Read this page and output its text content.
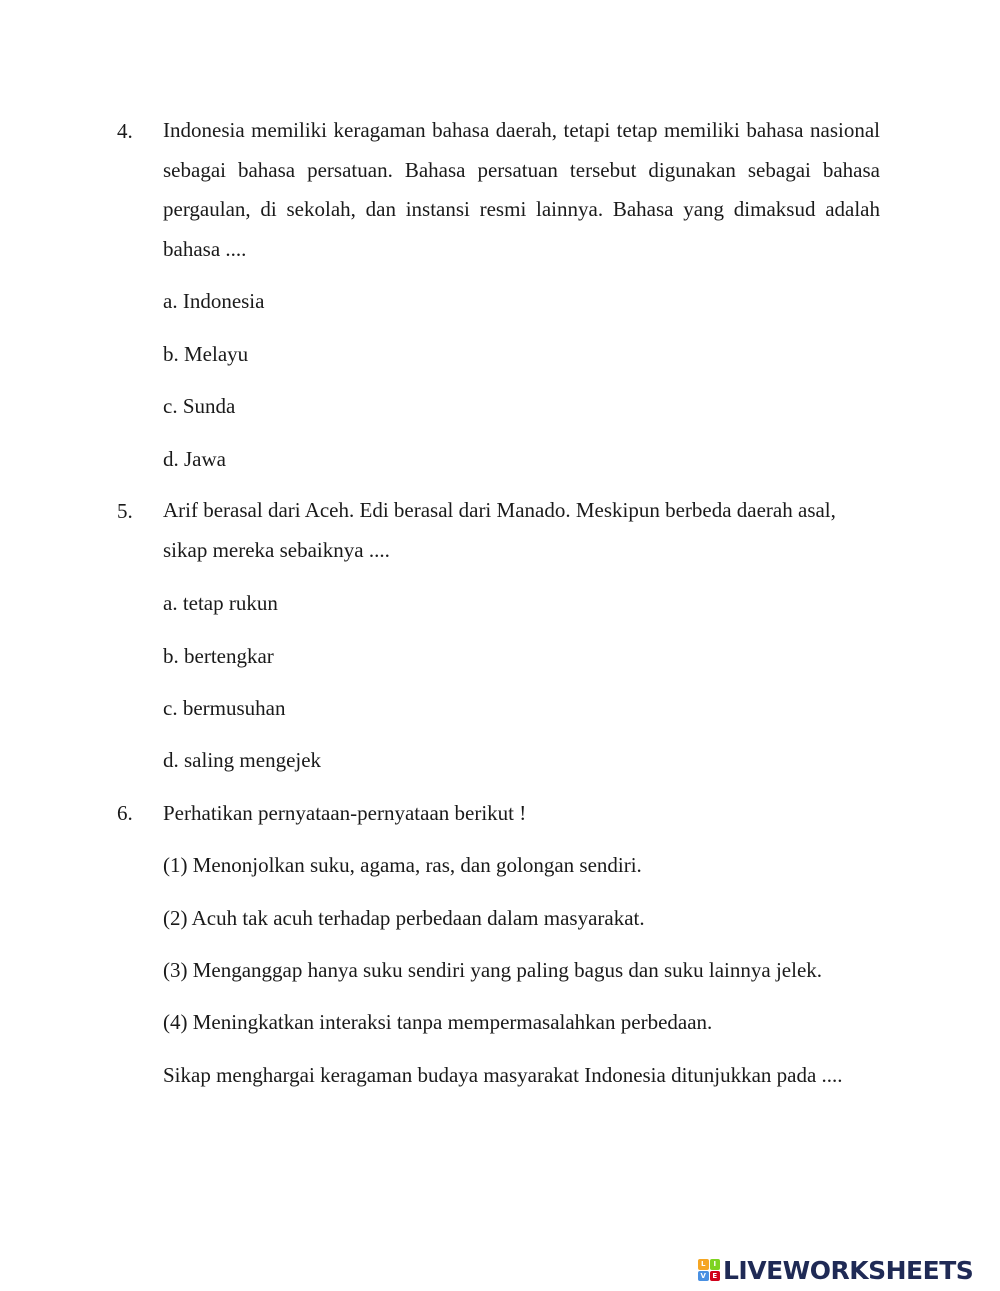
4. Indonesia memiliki keragaman bahasa daerah, tetapi tetap memiliki bahasa nasional sebagai bahasa persatuan. Bahasa persatuan tersebut digunakan sebagai bahasa pergaulan, di sekolah, dan instansi resmi lainnya. Bahasa yang dimaksud adalah bahasa ....
a. Indonesia
b. Melayu
c. Sunda
d. Jawa
5. Arif berasal dari Aceh. Edi berasal dari Manado. Meskipun berbeda daerah asal, sikap mereka sebaiknya ....
a. tetap rukun
b. bertengkar
c. bermusuhan
d. saling mengejek
6. Perhatikan pernyataan-pernyataan berikut !
(1) Menonjolkan suku, agama, ras, dan golongan sendiri.
(2) Acuh tak acuh terhadap perbedaan dalam masyarakat.
(3) Menganggap hanya suku sendiri yang paling bagus dan suku lainnya jelek.
(4) Meningkatkan interaksi tanpa mempermasalahkan perbedaan.
Sikap menghargai keragaman budaya masyarakat Indonesia ditunjukkan pada ....
L	I
V E LIVEWORKSHEETS
